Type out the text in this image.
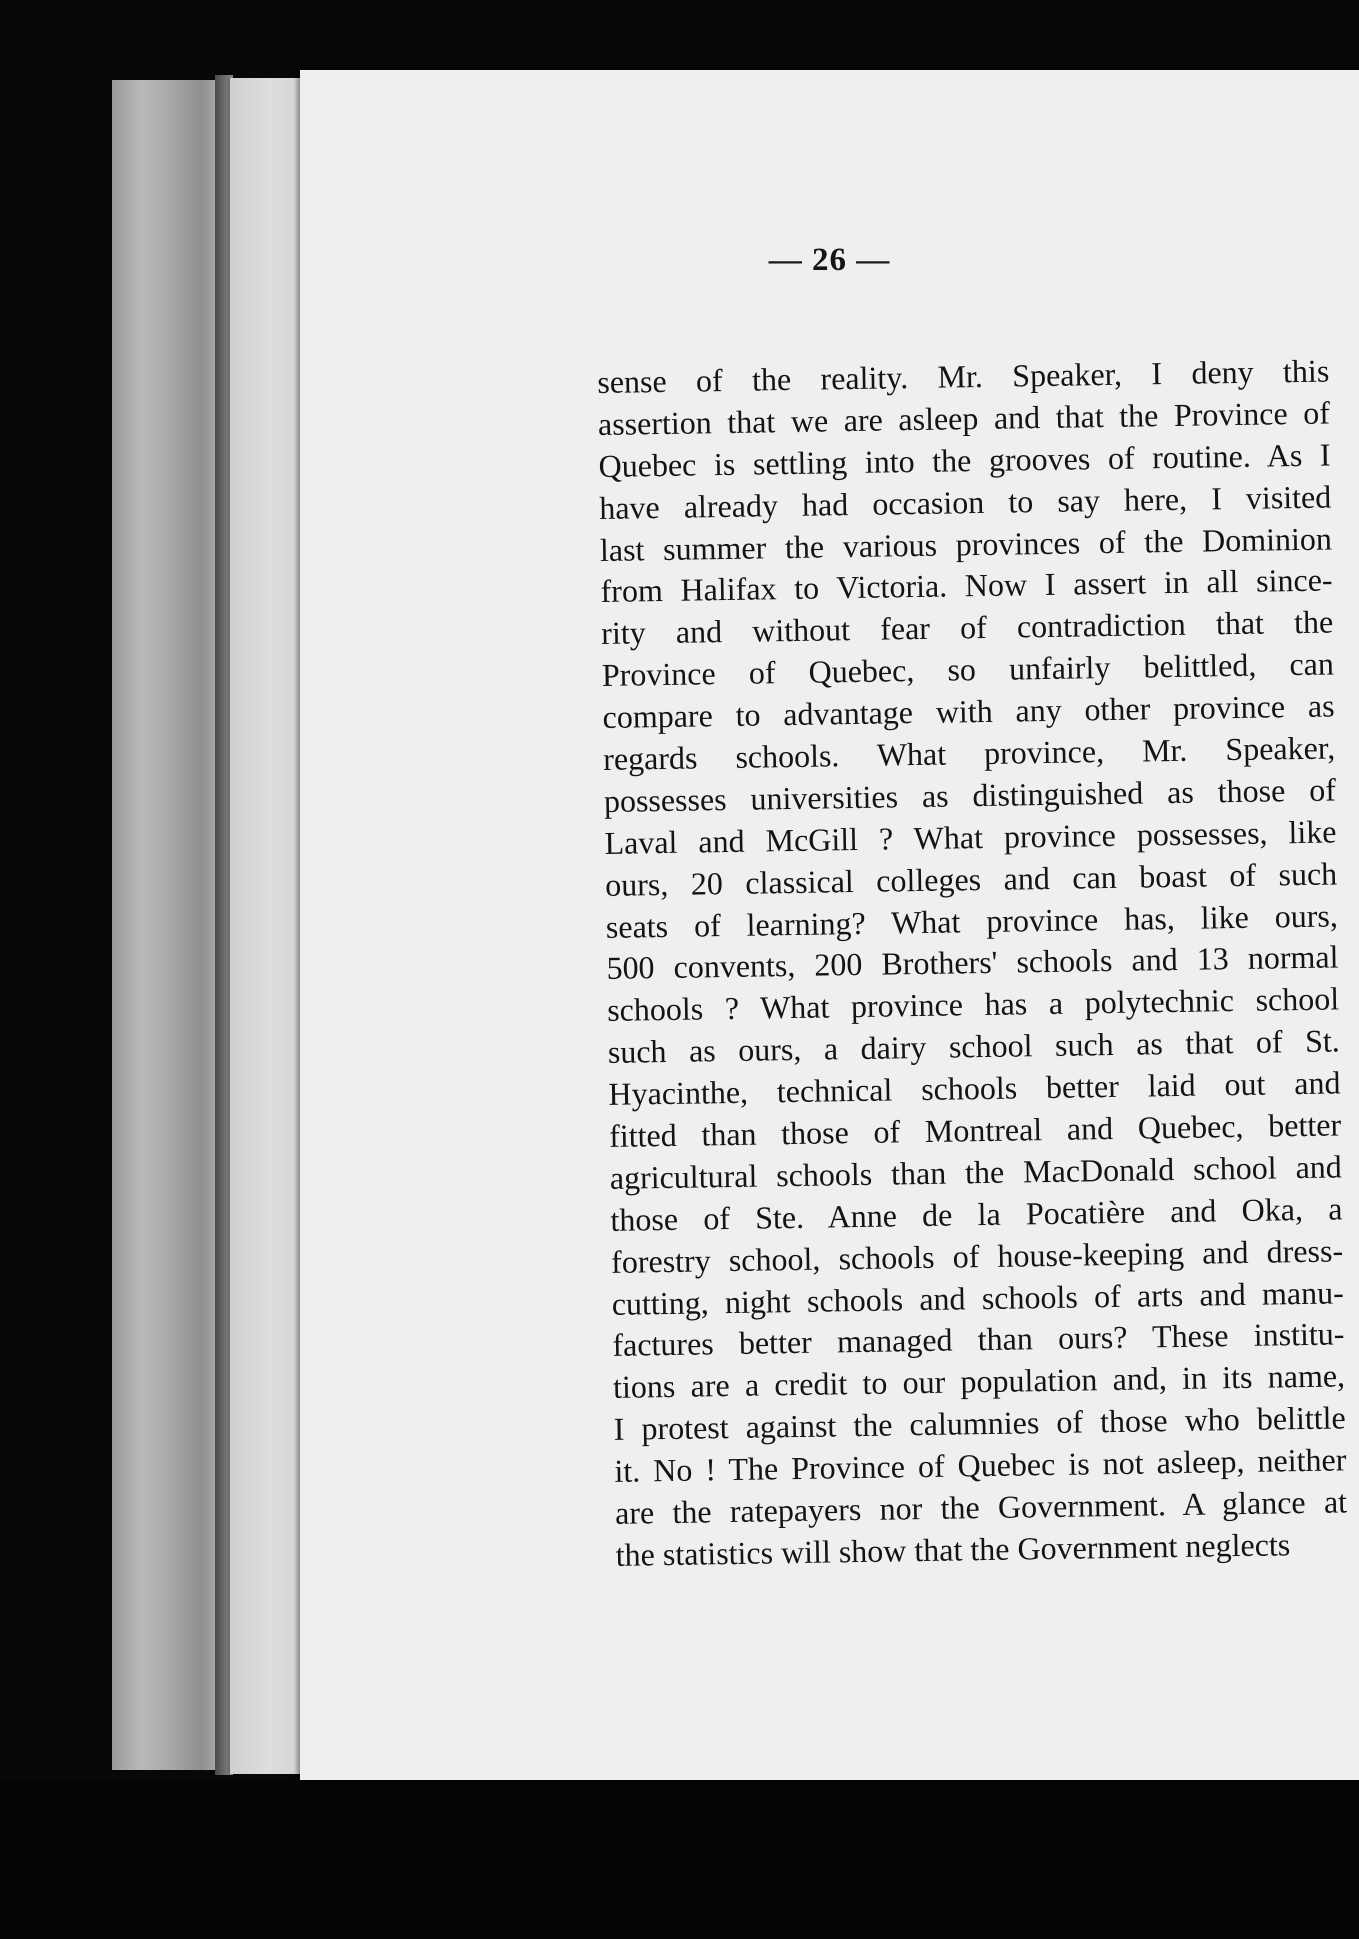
— 26 —
sense of the reality. Mr. Speaker, I deny this
assertion that we are asleep and that the Province of
Quebec is settling into the grooves of routine. As I
have already had occasion to say here, I visited
last summer the various provinces of the Dominion
from Halifax to Victoria. Now I assert in all since-
rity and without fear of contradiction that the
Province of Quebec, so unfairly belittled, can
compare to advantage with any other province as
regards schools. What province, Mr. Speaker,
possesses universities as distinguished as those of
Laval and McGill ? What province possesses, like
ours, 20 classical colleges and can boast of such
seats of learning? What province has, like ours,
500 convents, 200 Brothers' schools and 13 normal
schools ? What province has a polytechnic school
such as ours, a dairy school such as that of St.
Hyacinthe, technical schools better laid out and
fitted than those of Montreal and Quebec, better
agricultural schools than the MacDonald school and
those of Ste. Anne de la Pocatière and Oka, a
forestry school, schools of house-keeping and dress-
cutting, night schools and schools of arts and manu-
factures better managed than ours? These institu-
tions are a credit to our population and, in its name,
I protest against the calumnies of those who belittle
it. No ! The Province of Quebec is not asleep, neither
are the ratepayers nor the Government. A glance at
the statistics will show that the Government neglects
